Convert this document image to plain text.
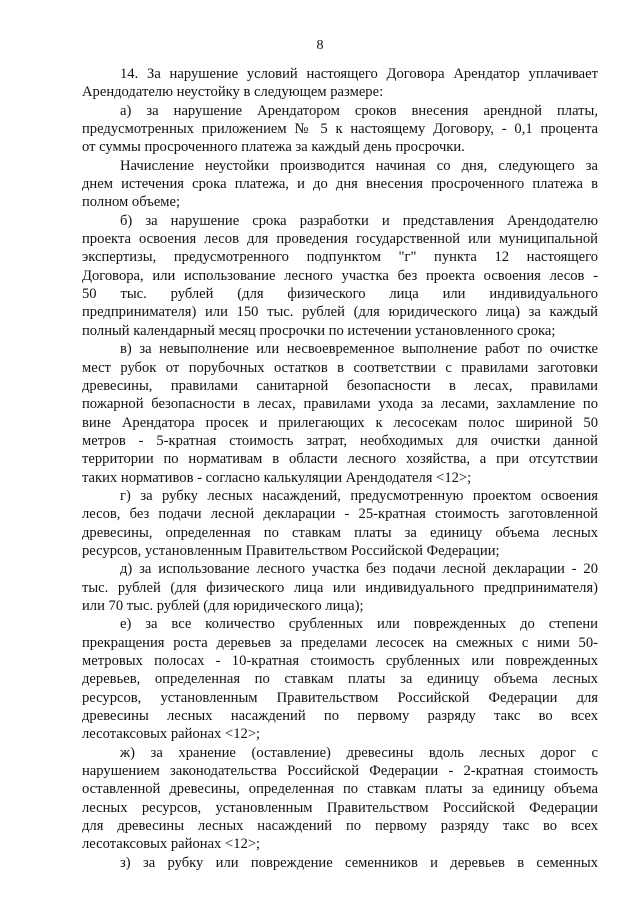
8
14. За нарушение условий настоящего Договора Арендатор уплачивает
Арендодателю неустойку в следующем размере:
а) за нарушение Арендатором сроков внесения арендной платы,
предусмотренных приложением № 5 к настоящему Договору, - 0,1 процента
от суммы просроченного платежа за каждый день просрочки.
Начисление неустойки производится начиная со дня, следующего за
днем истечения срока платежа, и до дня внесения просроченного платежа в
полном объеме;
б) за нарушение срока разработки и представления Арендодателю
проекта освоения лесов для проведения государственной или муниципальной
экспертизы, предусмотренного подпунктом "г" пункта 12 настоящего
Договора, или использование лесного участка без проекта освоения лесов -
50 тыс. рублей (для физического лица или индивидуального
предпринимателя) или 150 тыс. рублей (для юридического лица) за каждый
полный календарный месяц просрочки по истечении установленного срока;
в) за невыполнение или несвоевременное выполнение работ по очистке
мест рубок от порубочных остатков в соответствии с правилами заготовки
древесины, правилами санитарной безопасности в лесах, правилами
пожарной безопасности в лесах, правилами ухода за лесами, захламление по
вине Арендатора просек и прилегающих к лесосекам полос шириной 50
метров - 5-кратная стоимость затрат, необходимых для очистки данной
территории по нормативам в области лесного хозяйства, а при отсутствии
таких нормативов - согласно калькуляции Арендодателя <12>;
г) за рубку лесных насаждений, предусмотренную проектом освоения
лесов, без подачи лесной декларации - 25-кратная стоимость заготовленной
древесины, определенная по ставкам платы за единицу объема лесных
ресурсов, установленным Правительством Российской Федерации;
д) за использование лесного участка без подачи лесной декларации - 20
тыс. рублей (для физического лица или индивидуального предпринимателя)
или 70 тыс. рублей (для юридического лица);
е) за все количество срубленных или поврежденных до степени
прекращения роста деревьев за пределами лесосек на смежных с ними 50-
метровых полосах - 10-кратная стоимость срубленных или поврежденных
деревьев, определенная по ставкам платы за единицу объема лесных
ресурсов, установленным Правительством Российской Федерации для
древесины лесных насаждений по первому разряду такс во всех
лесотаксовых районах <12>;
ж) за хранение (оставление) древесины вдоль лесных дорог с
нарушением законодательства Российской Федерации - 2-кратная стоимость
оставленной древесины, определенная по ставкам платы за единицу объема
лесных ресурсов, установленным Правительством Российской Федерации
для древесины лесных насаждений по первому разряду такс во всех
лесотаксовых районах <12>;
з) за рубку или повреждение семенников и деревьев в семенных
